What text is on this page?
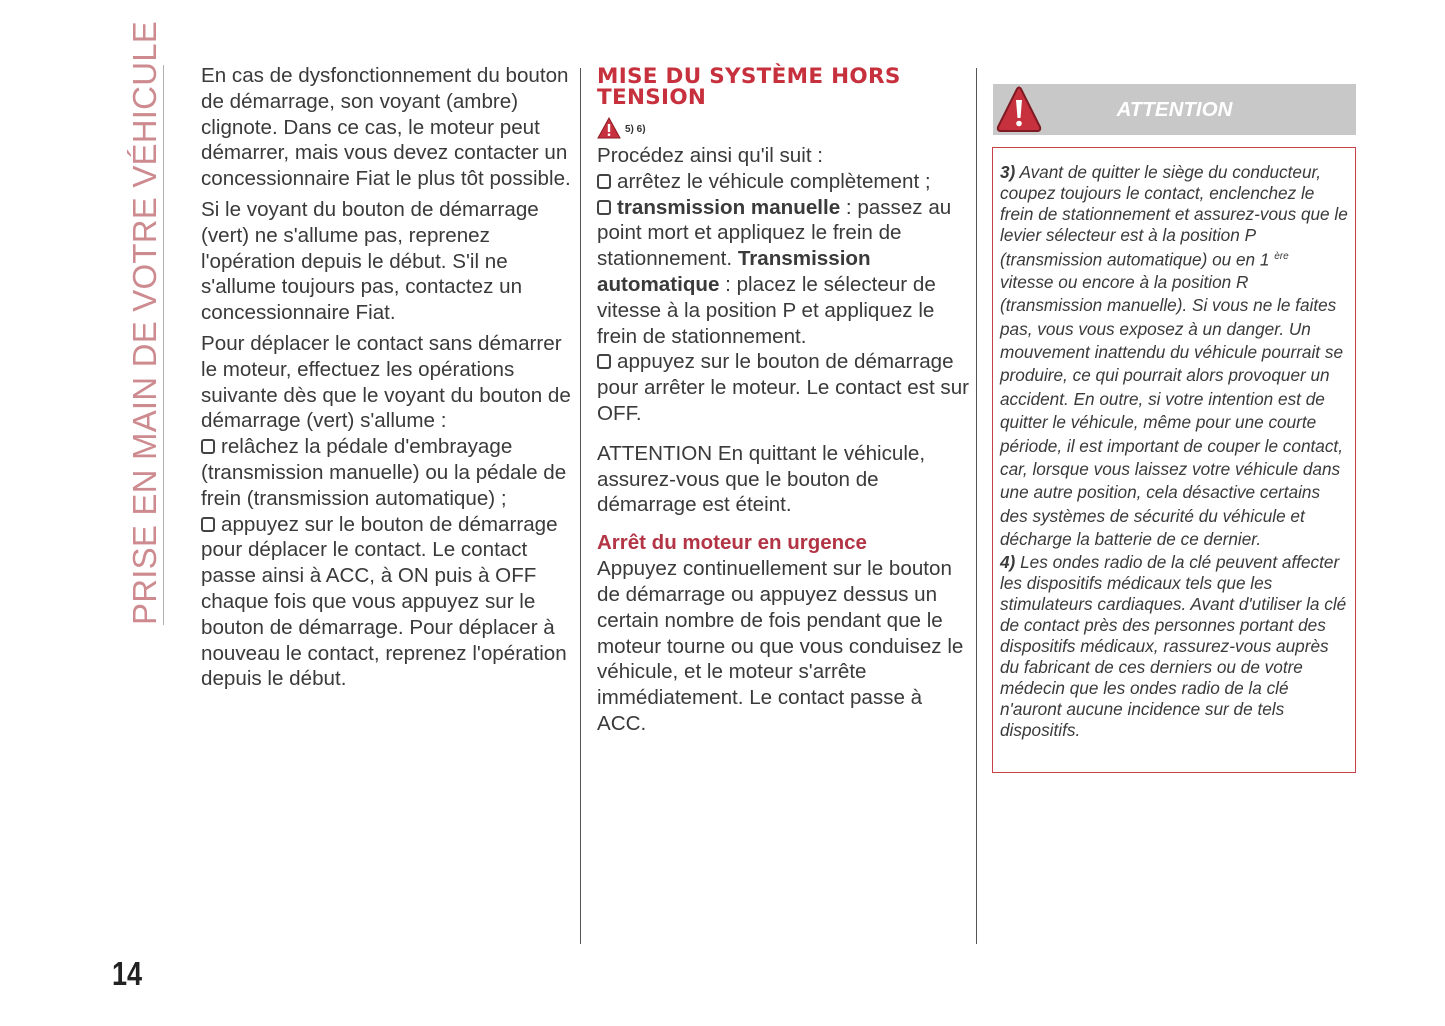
PRISE EN MAIN DE VOTRE VÉHICULE
14

En cas de dysfonctionnement du bouton de démarrage, son voyant (ambre) clignote. Dans ce cas, le moteur peut démarrer, mais vous devez contacter un concessionnaire Fiat le plus tôt possible.

Si le voyant du bouton de démarrage (vert) ne s'allume pas, reprenez l'opération depuis le début. S'il ne s'allume toujours pas, contactez un concessionnaire Fiat.

Pour déplacer le contact sans démarrer le moteur, effectuez les opérations suivante dès que le voyant du bouton de démarrage (vert) s'allume :

relâchez la pédale d'embrayage (transmission manuelle) ou la pédale de frein (transmission automatique) ;

appuyez sur le bouton de démarrage pour déplacer le contact. Le contact passe ainsi à ACC, à ON puis à OFF chaque fois que vous appuyez sur le bouton de démarrage. Pour déplacer à nouveau le contact, reprenez l'opération depuis le début.

MISE DU SYSTÈME HORS TENSION
5) 6)

Procédez ainsi qu'il suit :

arrêtez le véhicule complètement ;

transmission manuelle : passez au point mort et appliquez le frein de stationnement. Transmission automatique : placez le sélecteur de vitesse à la position P et appliquez le frein de stationnement.

appuyez sur le bouton de démarrage pour arrêter le moteur. Le contact est sur OFF.

ATTENTION En quittant le véhicule, assurez-vous que le bouton de démarrage est éteint.

Arrêt du moteur en urgence

Appuyez continuellement sur le bouton de démarrage ou appuyez dessus un certain nombre de fois pendant que le moteur tourne ou que vous conduisez le véhicule, et le moteur s'arrête immédiatement. Le contact passe à ACC.

ATTENTION

3) Avant de quitter le siège du conducteur, coupez toujours le contact, enclenchez le frein de stationnement et assurez-vous que le levier sélecteur est à la position P (transmission automatique) ou en 1 $^{ère}$
vitesse ou encore à la position R (transmission manuelle). Si vous ne le faites pas, vous vous exposez à un danger. Un mouvement inattendu du véhicule pourrait se produire, ce qui pourrait alors provoquer un accident. En outre, si votre intention est de quitter le véhicule, même pour une courte période, il est important de couper le contact, car, lorsque vous laissez votre véhicule dans une autre position, cela désactive certains des systèmes de sécurité du véhicule et décharge la batterie de ce dernier.

4) Les ondes radio de la clé peuvent affecter les dispositifs médicaux tels que les stimulateurs cardiaques. Avant d'utiliser la clé de contact près des personnes portant des dispositifs médicaux, rassurez-vous auprès du fabricant de ces derniers ou de votre médecin que les ondes radio de la clé n'auront aucune incidence sur de tels dispositifs.
